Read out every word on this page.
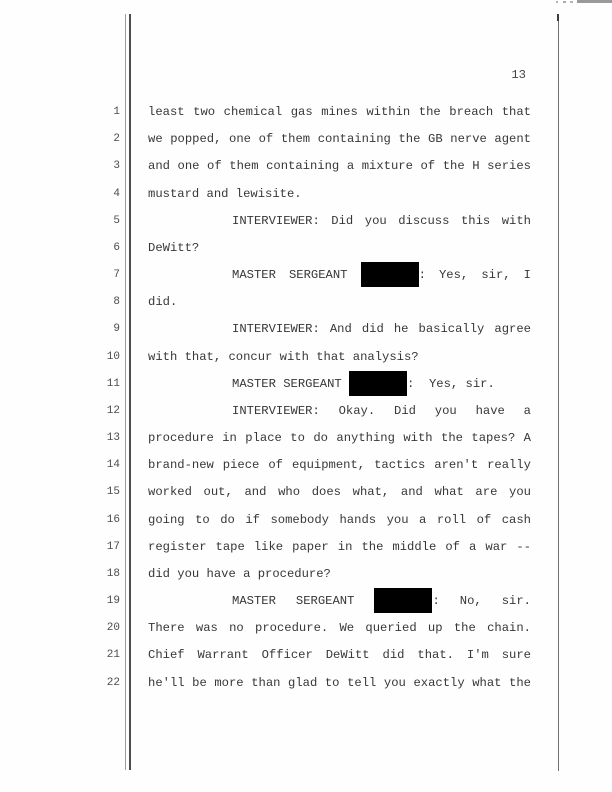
13
1 least two chemical gas mines within the breach that
2 we popped, one of them containing the GB nerve agent
3 and one of them containing a mixture of the H series
4 mustard and lewisite.
5	INTERVIEWER: Did you discuss this with
6 DeWitt?
7	MASTER SERGEANT	: Yes, sir, I
8 did.
9	INTERVIEWER: And did he basically agree
10 with that, concur with that analysis?
11	MASTER SERGEANT	:  Yes, sir.
12	INTERVIEWER: Okay. Did you have a
13 procedure in place to do anything with the tapes? A
14 brand-new piece of equipment, tactics aren't really
15 worked out, and who does what, and what are you
16 going to do if somebody hands you a roll of cash
17 register tape like paper in the middle of a war --
18 did you have a procedure?
19	MASTER SERGEANT	: No, sir.
20 There was no procedure. We queried up the chain.
21 Chief Warrant Officer DeWitt did that. I'm sure
22 he'll be more than glad to tell you exactly what the
